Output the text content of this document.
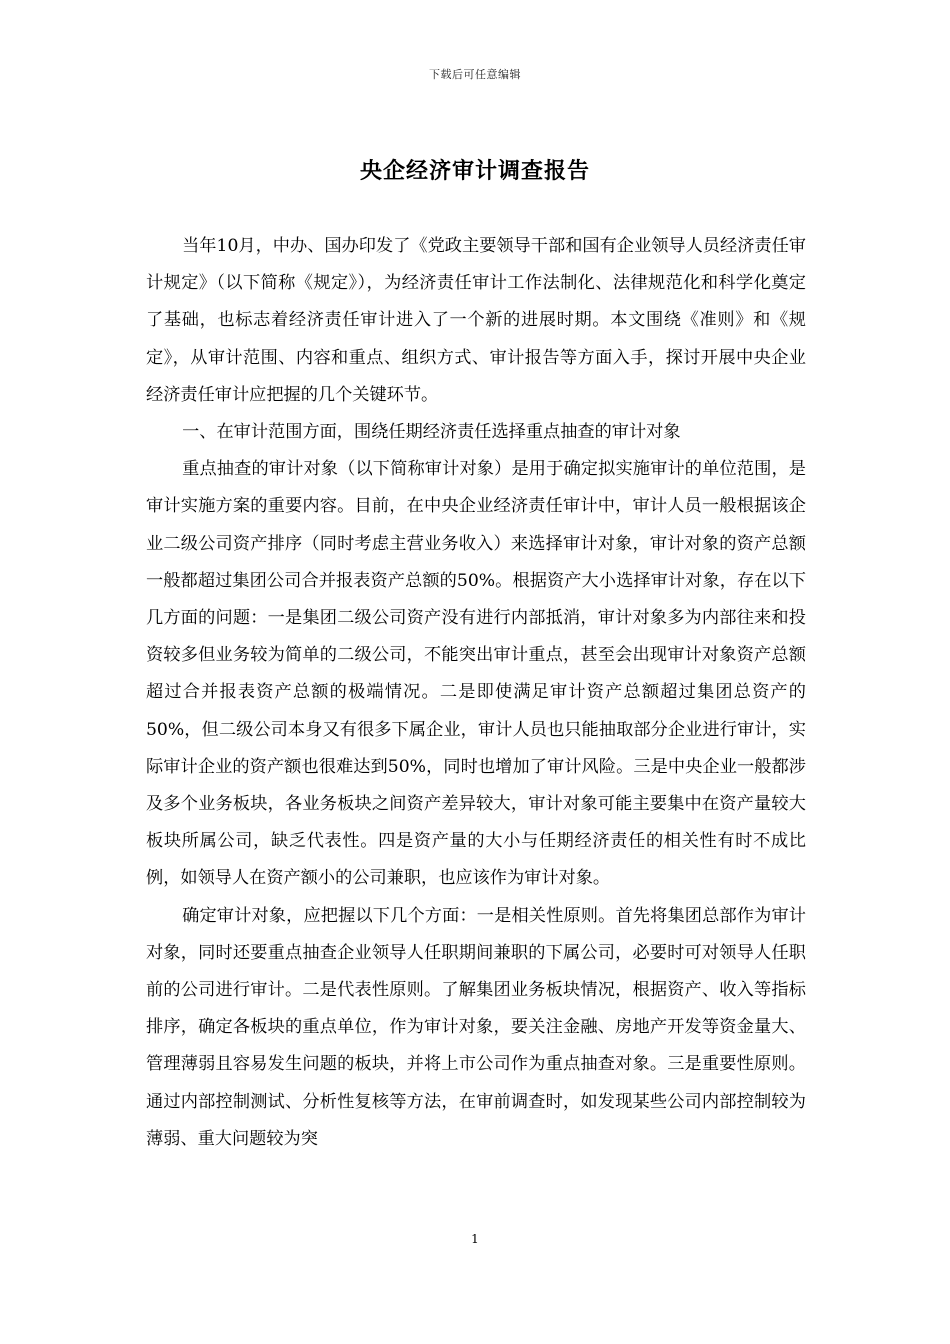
下载后可任意编辑
央企经济审计调查报告

当年10月，中办、国办印发了《党政主要领导干部和国有企业领导人员经济责任审计规定》（以下简称《规定》），为经济责任审计工作法制化、法律规范化和科学化奠定了基础，也标志着经济责任审计进入了一个新的进展时期。本文围绕《准则》和《规定》，从审计范围、内容和重点、组织方式、审计报告等方面入手，探讨开展中央企业经济责任审计应把握的几个关键环节。

一、在审计范围方面，围绕任期经济责任选择重点抽查的审计对象

重点抽查的审计对象（以下简称审计对象）是用于确定拟实施审计的单位范围，是审计实施方案的重要内容。目前，在中央企业经济责任审计中，审计人员一般根据该企业二级公司资产排序（同时考虑主营业务收入）来选择审计对象，审计对象的资产总额一般都超过集团公司合并报表资产总额的50%。根据资产大小选择审计对象，存在以下几方面的问题：一是集团二级公司资产没有进行内部抵消，审计对象多为内部往来和投资较多但业务较为简单的二级公司，不能突出审计重点，甚至会出现审计对象资产总额超过合并报表资产总额的极端情况。二是即使满足审计资产总额超过集团总资产的50%，但二级公司本身又有很多下属企业，审计人员也只能抽取部分企业进行审计，实际审计企业的资产额也很难达到50%，同时也增加了审计风险。三是中央企业一般都涉及多个业务板块，各业务板块之间资产差异较大，审计对象可能主要集中在资产量较大板块所属公司，缺乏代表性。四是资产量的大小与任期经济责任的相关性有时不成比例，如领导人在资产额小的公司兼职，也应该作为审计对象。

确定审计对象，应把握以下几个方面：一是相关性原则。首先将集团总部作为审计对象，同时还要重点抽查企业领导人任职期间兼职的下属公司，必要时可对领导人任职前的公司进行审计。二是代表性原则。了解集团业务板块情况，根据资产、收入等指标排序，确定各板块的重点单位，作为审计对象，要关注金融、房地产开发等资金量大、管理薄弱且容易发生问题的板块，并将上市公司作为重点抽查对象。三是重要性原则。通过内部控制测试、分析性复核等方法，在审前调查时，如发现某些公司内部控制较为薄弱、重大问题较为突

1
